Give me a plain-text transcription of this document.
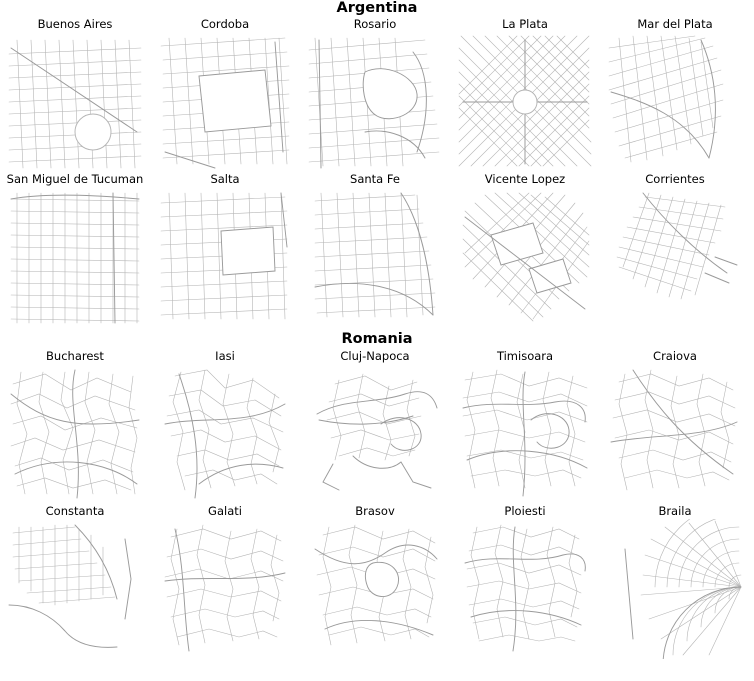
Argentina
Buenos Aires	Cordoba	Rosario	La Plata	Mar del Plata
San Miguel de Tucuman	Salta	Santa Fe	Vicente Lopez	Corrientes
Romania
Bucharest	Iasi	Cluj-Napoca	Timisoara	Craiova
Constanta	Galati	Brasov	Ploiesti	Braila
